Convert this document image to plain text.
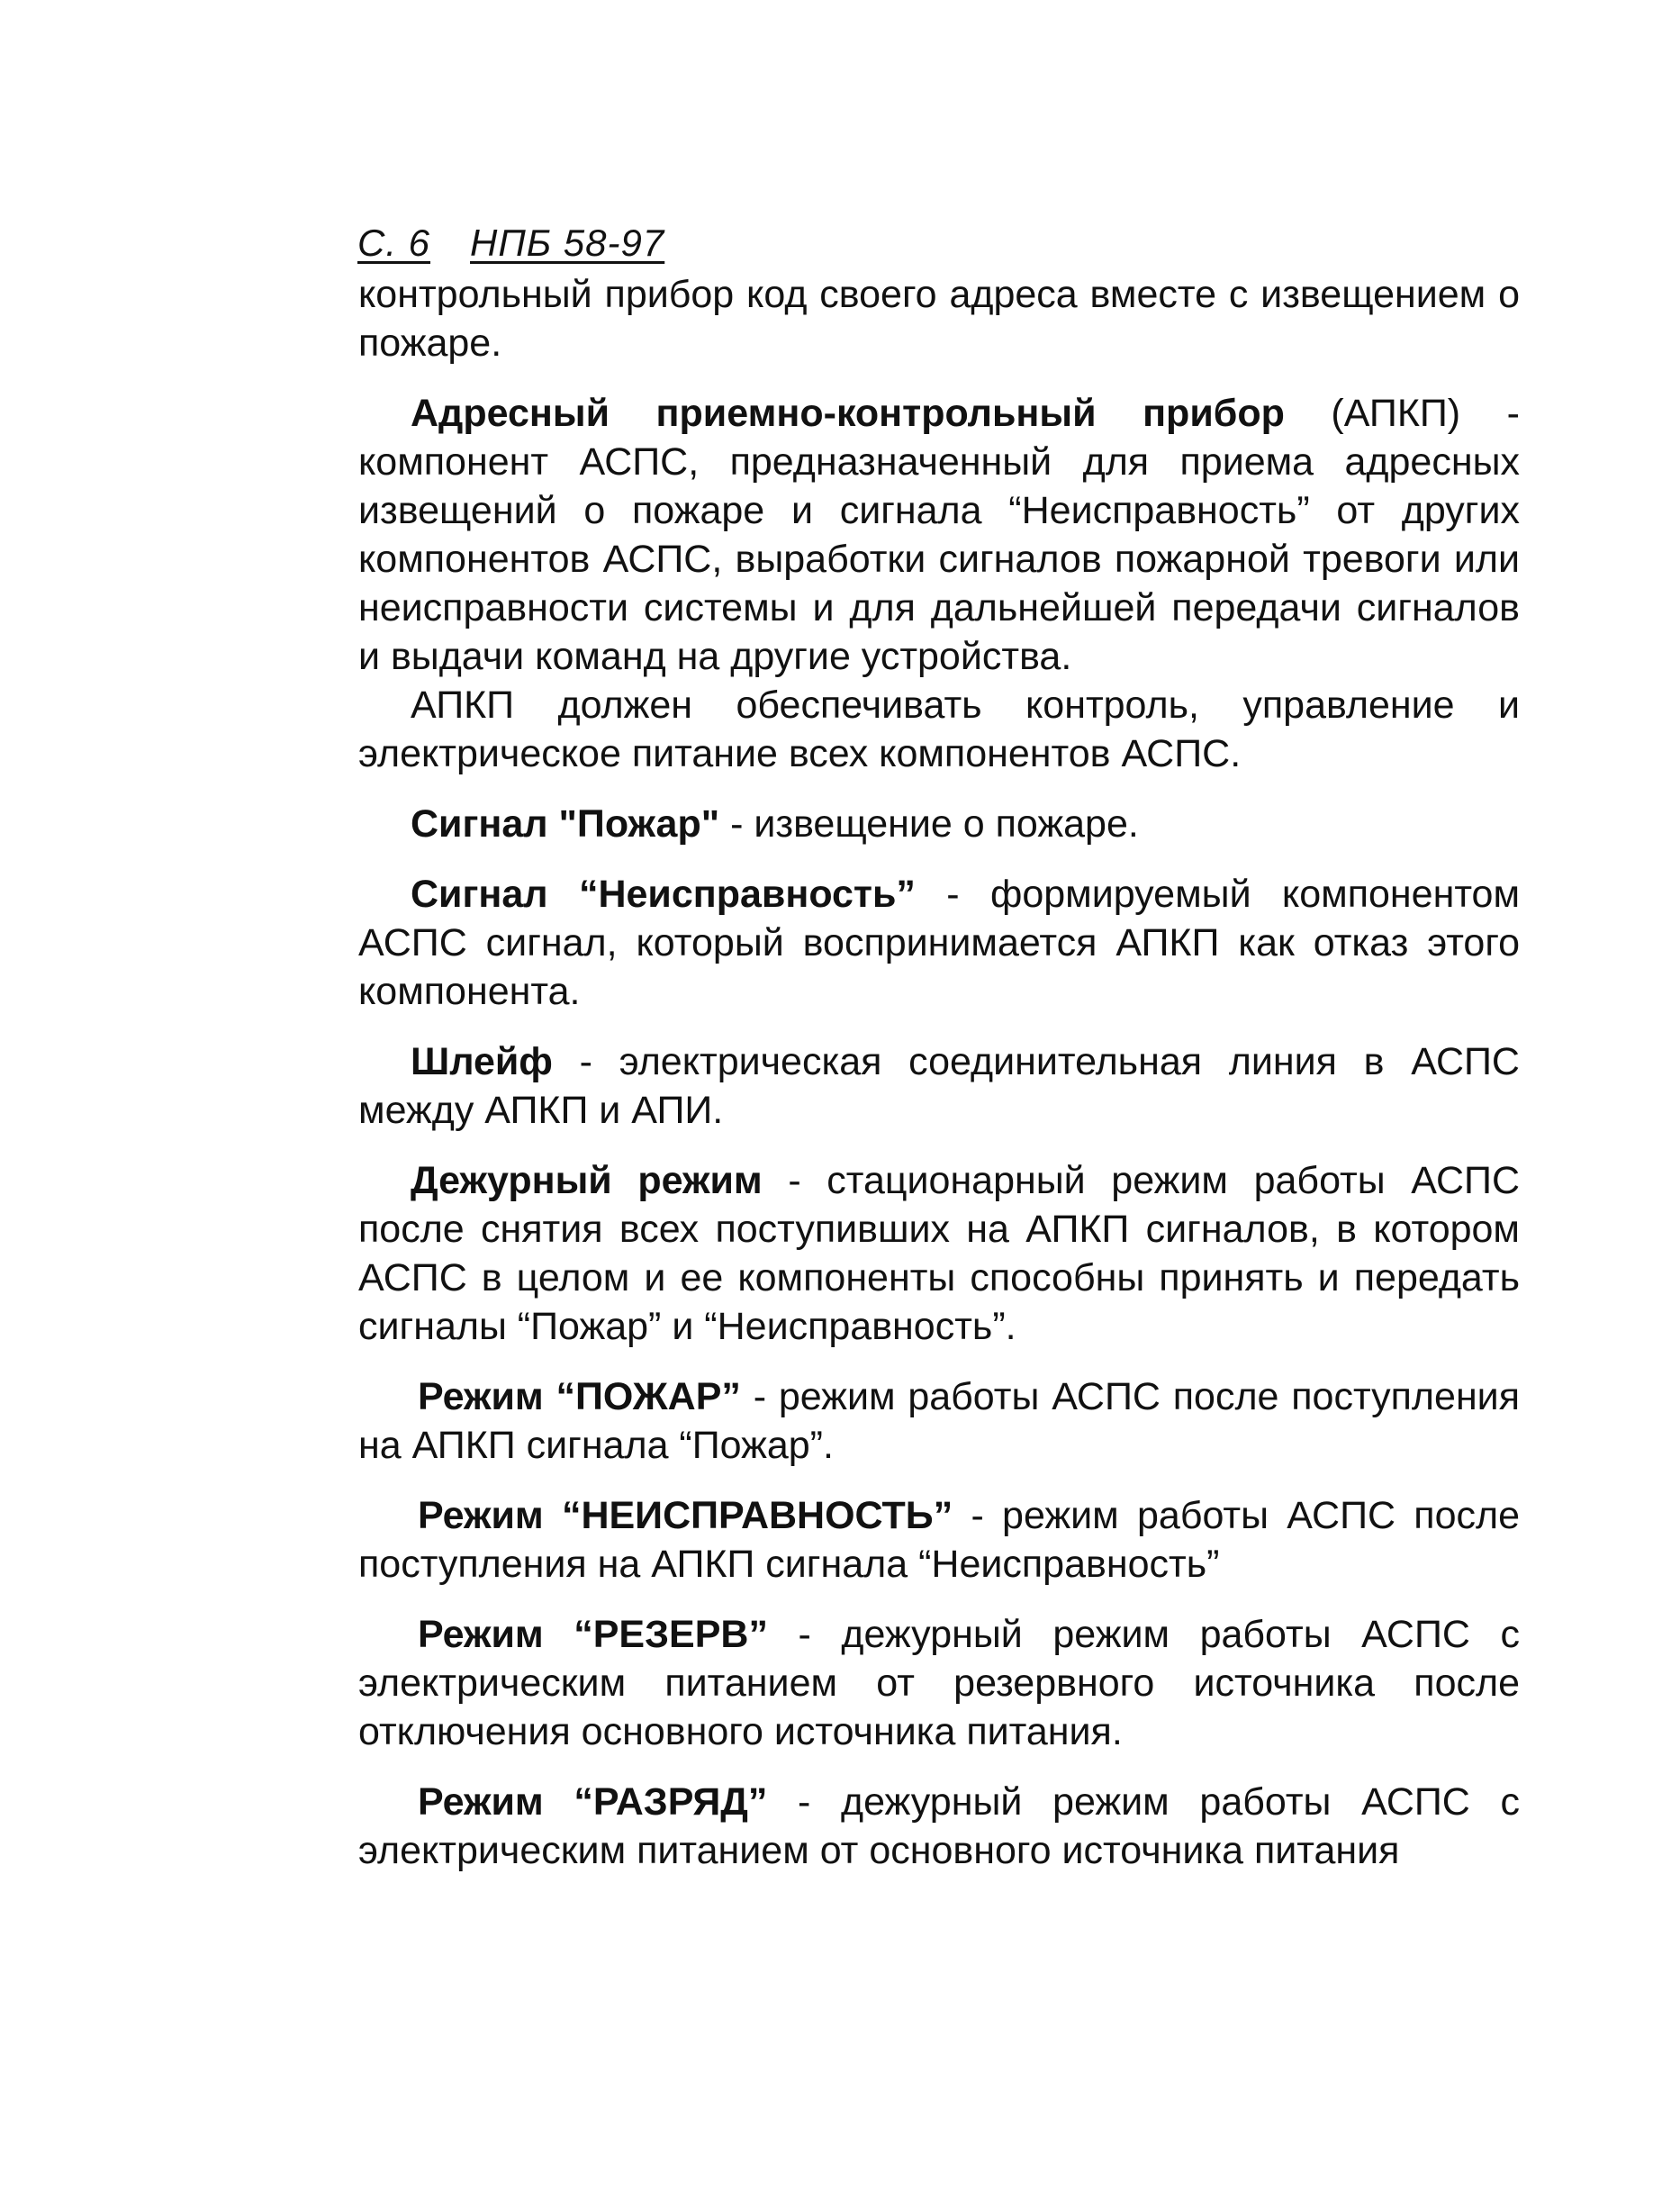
С. 6 НПБ 58-97

контрольный прибор код своего адреса вместе с извещением о пожаре.

Адресный приемно-контрольный прибор (АПКП) - компонент АСПС, предназначенный для приема адресных извещений о пожаре и сигнала “Неисправность” от других компонентов АСПС, выработки сигналов пожарной тревоги или неисправности системы и для дальнейшей передачи сигналов и выдачи команд на другие устройства.

АПКП должен обеспечивать контроль, управление и электрическое питание всех компонентов АСПС.

Сигнал "Пожар" - извещение о пожаре.

Сигнал “Неисправность” - формируемый компонентом АСПС сигнал, который воспринимается АПКП как отказ этого компонента.

Шлейф - электрическая соединительная линия в АСПС между АПКП и АПИ.

Дежурный режим - стационарный режим работы АСПС после снятия всех поступивших на АПКП сигналов, в котором АСПС в целом и ее компоненты способны принять и передать сигналы “Пожар” и “Неисправность”.

Режим “ПОЖАР” - режим работы АСПС после поступления на АПКП сигнала “Пожар”.

Режим “НЕИСПРАВНОСТЬ” - режим работы АСПС после поступления на АПКП сигнала “Неисправность”

Режим “РЕЗЕРВ” - дежурный режим работы АСПС с электрическим питанием от резервного источника после отключения основного источника питания.

Режим “РАЗРЯД” - дежурный режим работы АСПС с электрическим питанием от основного источника питания
